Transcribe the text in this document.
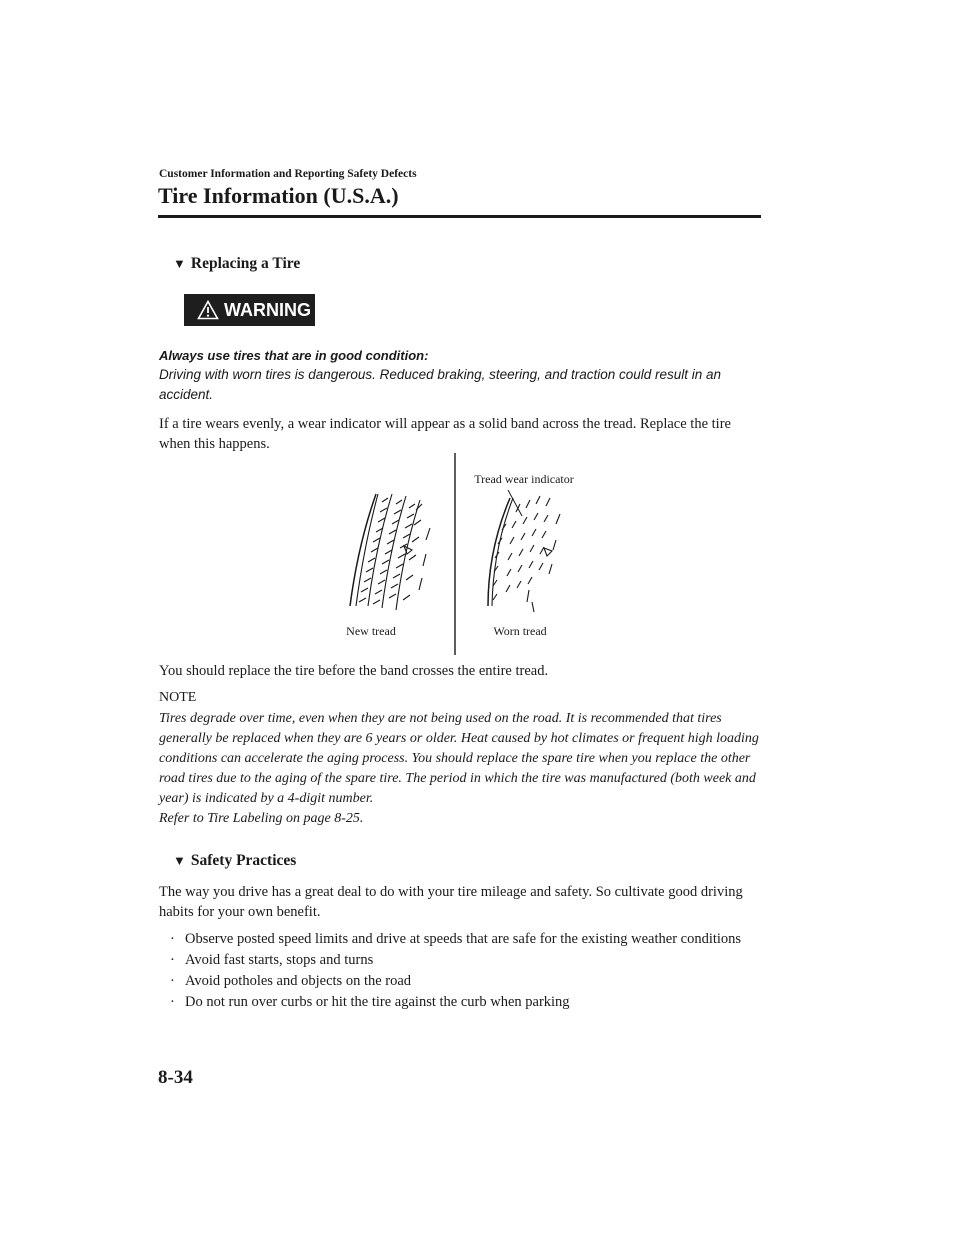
Customer Information and Reporting Safety Defects
Tire Information (U.S.A.)
▼ Replacing a Tire
WARNING
Always use tires that are in good condition:
Driving with worn tires is dangerous. Reduced braking, steering, and traction could result in an accident.
If a tire wears evenly, a wear indicator will appear as a solid band across the tread. Replace the tire when this happens.
Tread wear indicator
New tread	Worn tread
You should replace the tire before the band crosses the entire tread.
NOTE
Tires degrade over time, even when they are not being used on the road. It is recommended that tires generally be replaced when they are 6 years or older. Heat caused by hot climates or frequent high loading conditions can accelerate the aging process. You should replace the spare tire when you replace the other road tires due to the aging of the spare tire. The period in which the tire was manufactured (both week and year) is indicated by a 4-digit number.
Refer to Tire Labeling on page 8-25.
▼ Safety Practices
The way you drive has a great deal to do with your tire mileage and safety. So cultivate good driving habits for your own benefit.
· Observe posted speed limits and drive at speeds that are safe for the existing weather conditions
· Avoid fast starts, stops and turns
· Avoid potholes and objects on the road
· Do not run over curbs or hit the tire against the curb when parking
8-34
